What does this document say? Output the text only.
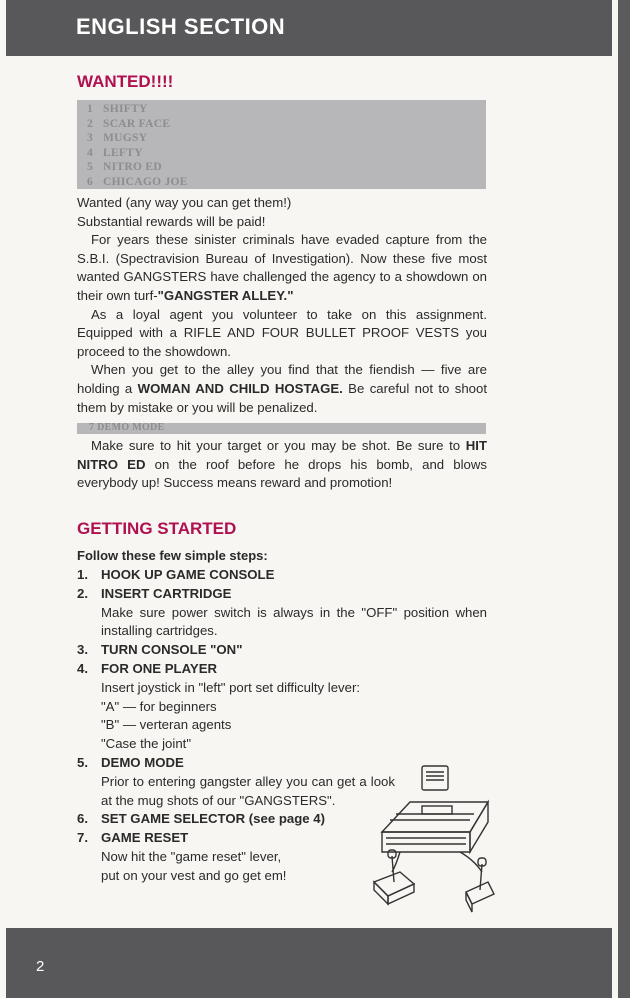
ENGLISH SECTION
WANTED!!!!
1 SHIFTY
2 SCAR FACE
3 MUGSY
4 LEFTY
5 NITRO ED
6 CHICAGO JOE

Wanted (any way you can get them!)

Substantial rewards will be paid!

For years these sinister criminals have evaded capture from the S.B.I. (Spectravision Bureau of Investigation). Now these five most wanted GANGSTERS have challenged the agency to a showdown on their own turf-"GANGSTER ALLEY."

As a loyal agent you volunteer to take on this assignment. Equipped with a RIFLE AND FOUR BULLET PROOF VESTS you proceed to the showdown.

When you get to the alley you find that the fiendish — five are holding a WOMAN AND CHILD HOSTAGE. Be careful not to shoot them by mistake or you will be penalized.

7 DEMO MODE

Make sure to hit your target or you may be shot. Be sure to HIT NITRO ED on the roof before he drops his bomb, and blows everybody up! Success means reward and promotion!

GETTING STARTED
Follow these few simple steps:
1. HOOK UP GAME CONSOLE
2. INSERT CARTRIDGE
Make sure power switch is always in the "OFF" position when installing cartridges.
3. TURN CONSOLE "ON"
4. FOR ONE PLAYER
Insert joystick in "left" port set difficulty lever:
"A" — for beginners
"B" — verteran agents
"Case the joint"
5. DEMO MODE
Prior to entering gangster alley you can get a look at the mug shots of our "GANGSTERS".
6. SET GAME SELECTOR (see page 4)
7. GAME RESET
Now hit the "game reset" lever,
put on your vest and go get em!
2
